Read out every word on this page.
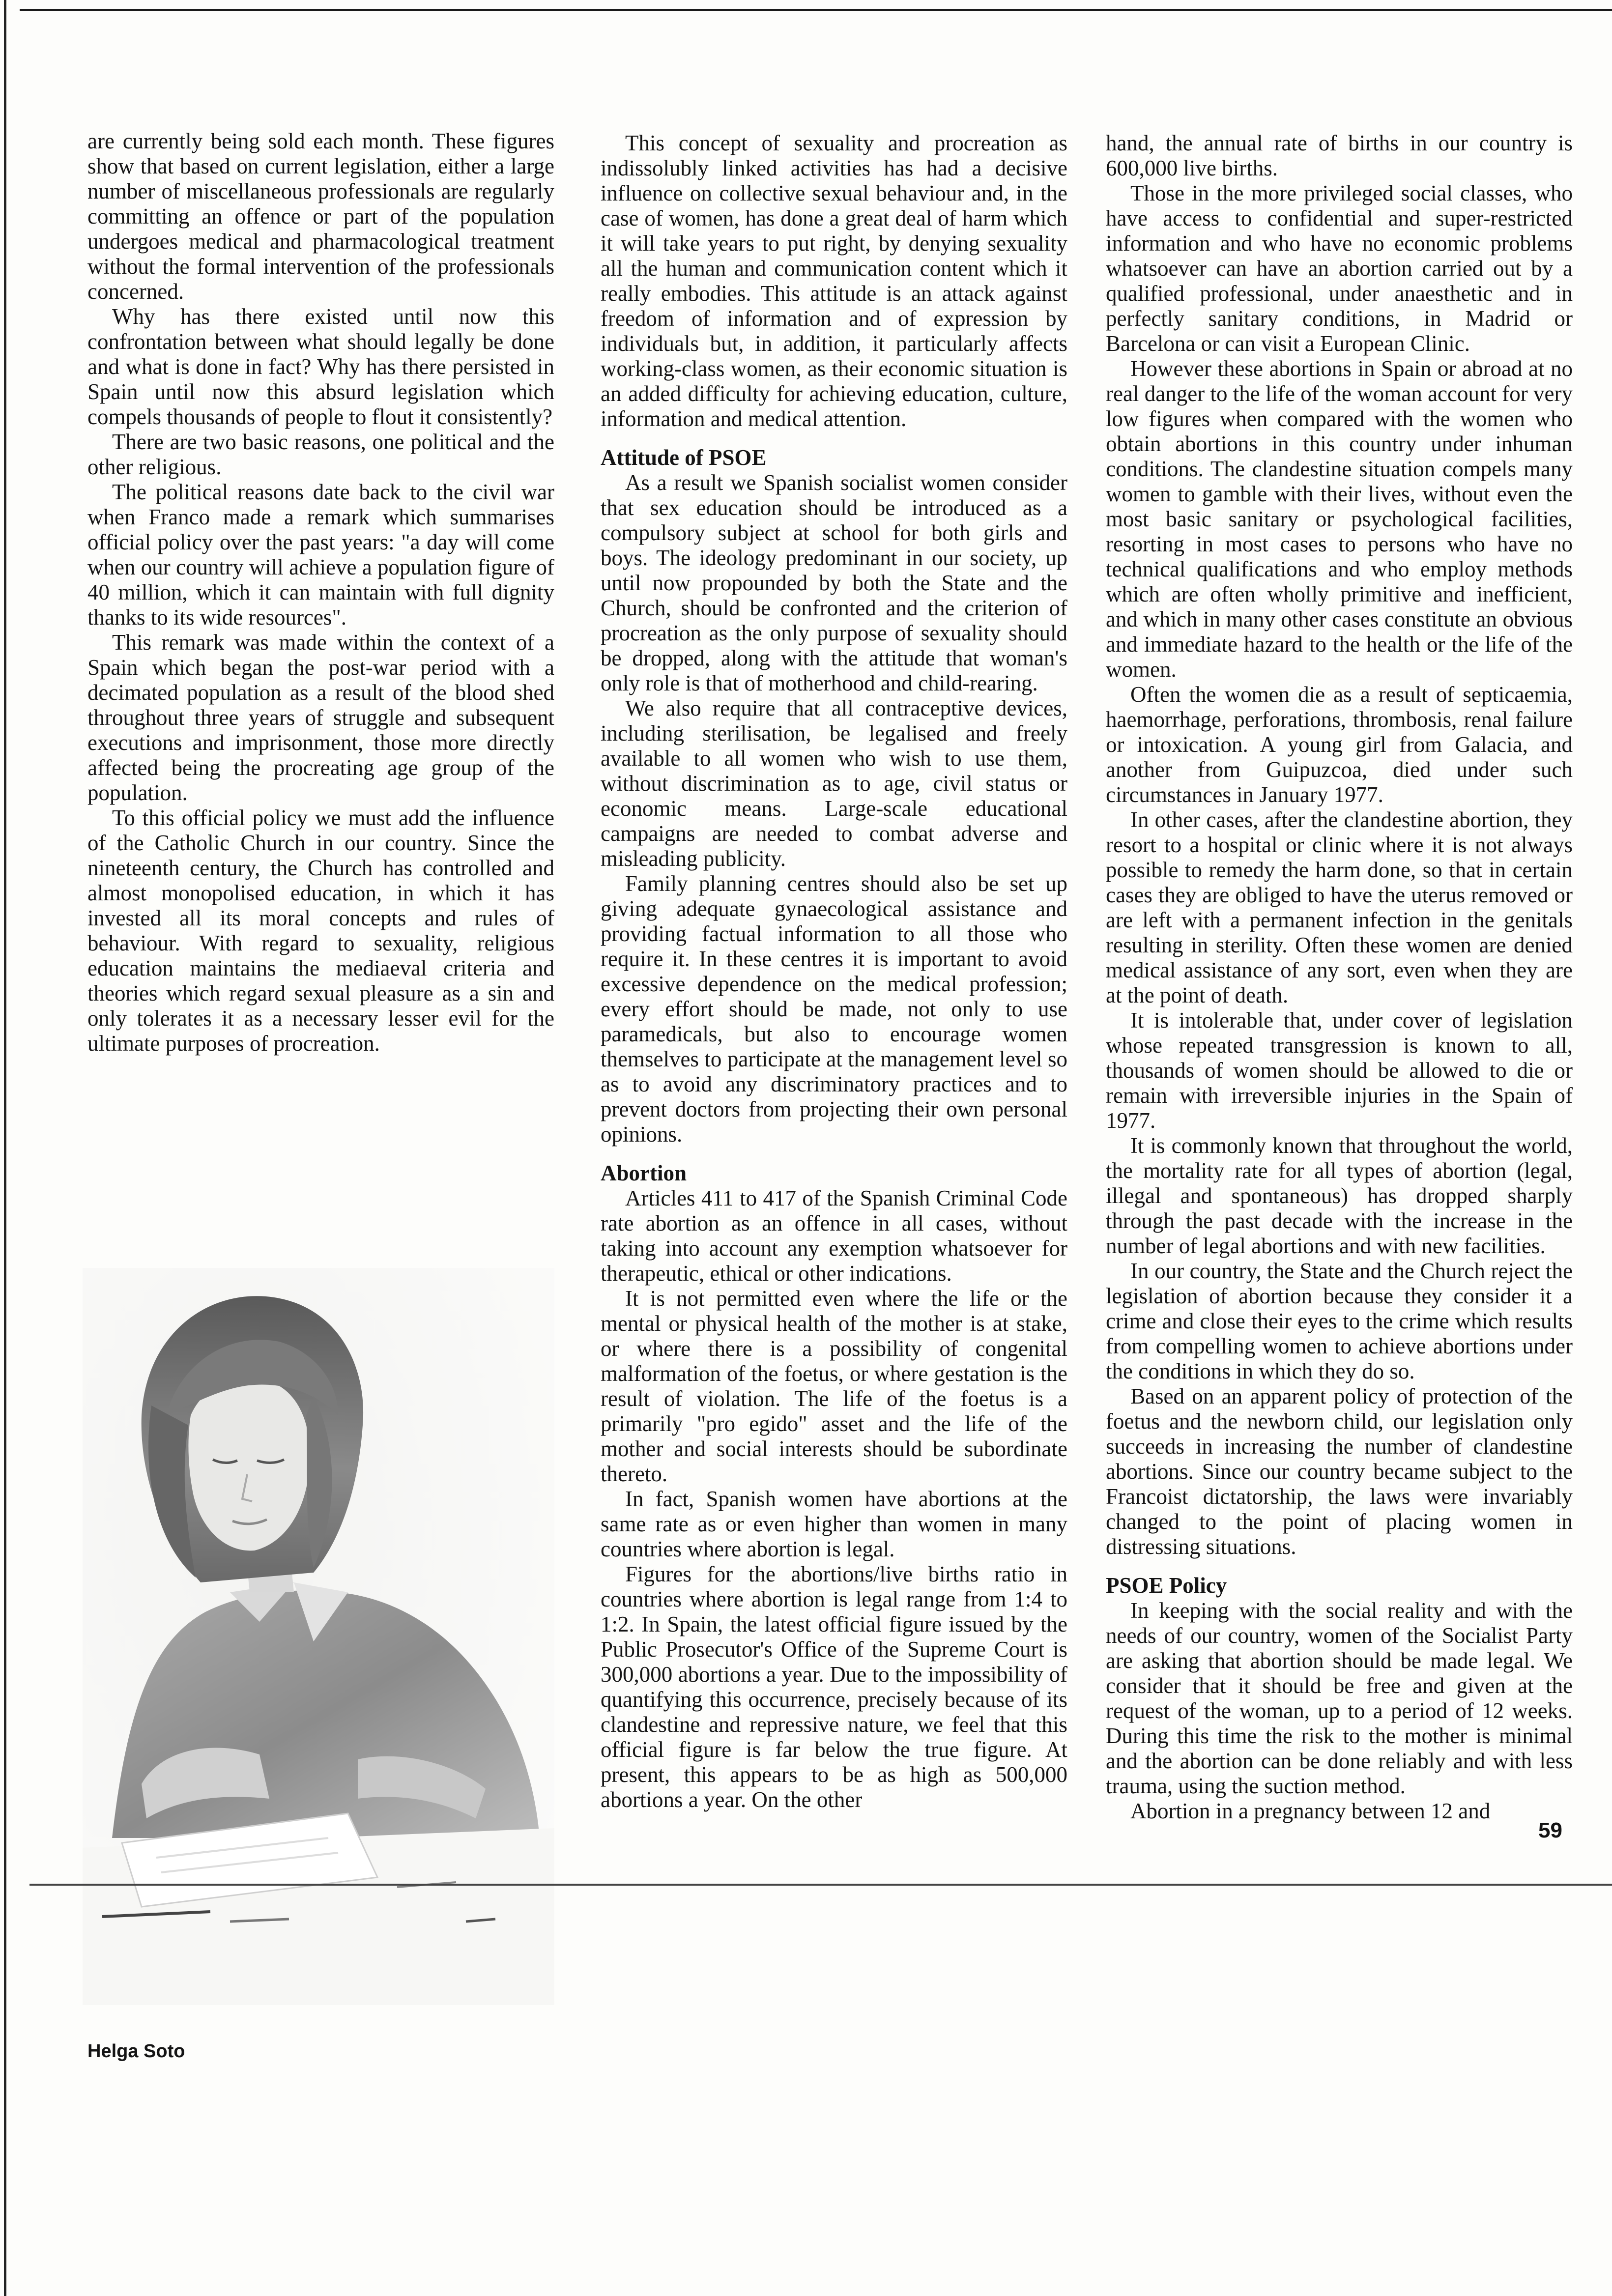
are currently being sold each month. These figures show that based on current legislation, either a large number of miscellaneous professionals are regularly committing an offence or part of the population undergoes medical and pharmacological treatment without the formal intervention of the professionals concerned.

Why has there existed until now this confrontation between what should legally be done and what is done in fact? Why has there persisted in Spain until now this absurd legislation which compels thousands of people to flout it consistently?

There are two basic reasons, one political and the other religious.

The political reasons date back to the civil war when Franco made a remark which summarises official policy over the past years: "a day will come when our country will achieve a population figure of 40 million, which it can maintain with full dignity thanks to its wide resources".

This remark was made within the context of a Spain which began the post-war period with a decimated population as a result of the blood shed throughout three years of struggle and subsequent executions and imprisonment, those more directly affected being the procreating age group of the population.

To this official policy we must add the influence of the Catholic Church in our country. Since the nineteenth century, the Church has controlled and almost monopolised education, in which it has invested all its moral concepts and rules of behaviour. With regard to sexuality, religious education maintains the mediaeval criteria and theories which regard sexual pleasure as a sin and only tolerates it as a necessary lesser evil for the ultimate purposes of procreation.

This concept of sexuality and procreation as indissolubly linked activities has had a decisive influence on collective sexual behaviour and, in the case of women, has done a great deal of harm which it will take years to put right, by denying sexuality all the human and communication content which it really embodies. This attitude is an attack against freedom of information and of expression by individuals but, in addition, it particularly affects working-class women, as their economic situation is an added difficulty for achieving education, culture, information and medical attention.

Attitude of PSOE

As a result we Spanish socialist women consider that sex education should be introduced as a compulsory subject at school for both girls and boys. The ideology predominant in our society, up until now propounded by both the State and the Church, should be confronted and the criterion of procreation as the only purpose of sexuality should be dropped, along with the attitude that woman's only role is that of motherhood and child-rearing.

We also require that all contraceptive devices, including sterilisation, be legalised and freely available to all women who wish to use them, without discrimination as to age, civil status or economic means. Large-scale educational campaigns are needed to combat adverse and misleading publicity.

Family planning centres should also be set up giving adequate gynaecological assistance and providing factual information to all those who require it. In these centres it is important to avoid excessive dependence on the medical profession; every effort should be made, not only to use paramedicals, but also to encourage women themselves to participate at the management level so as to avoid any discriminatory practices and to prevent doctors from projecting their own personal opinions.

Abortion

Articles 411 to 417 of the Spanish Criminal Code rate abortion as an offence in all cases, without taking into account any exemption whatsoever for therapeutic, ethical or other indications.

It is not permitted even where the life or the mental or physical health of the mother is at stake, or where there is a possibility of congenital malformation of the foetus, or where gestation is the result of violation. The life of the foetus is a primarily "pro egido" asset and the life of the mother and social interests should be subordinate thereto.

In fact, Spanish women have abortions at the same rate as or even higher than women in many countries where abortion is legal.

Figures for the abortions/live births ratio in countries where abortion is legal range from 1:4 to 1:2. In Spain, the latest official figure issued by the Public Prosecutor's Office of the Supreme Court is 300,000 abortions a year. Due to the impossibility of quantifying this occurrence, precisely because of its clandestine and repressive nature, we feel that this official figure is far below the true figure. At present, this appears to be as high as 500,000 abortions a year. On the other

hand, the annual rate of births in our country is 600,000 live births.

Those in the more privileged social classes, who have access to confidential and super-restricted information and who have no economic problems whatsoever can have an abortion carried out by a qualified professional, under anaesthetic and in perfectly sanitary conditions, in Madrid or Barcelona or can visit a European Clinic.

However these abortions in Spain or abroad at no real danger to the life of the woman account for very low figures when compared with the women who obtain abortions in this country under inhuman conditions. The clandestine situation compels many women to gamble with their lives, without even the most basic sanitary or psychological facilities, resorting in most cases to persons who have no technical qualifications and who employ methods which are often wholly primitive and inefficient, and which in many other cases constitute an obvious and immediate hazard to the health or the life of the women.

Often the women die as a result of septicaemia, haemorrhage, perforations, thrombosis, renal failure or intoxication. A young girl from Galacia, and another from Guipuzcoa, died under such circumstances in January 1977.

In other cases, after the clandestine abortion, they resort to a hospital or clinic where it is not always possible to remedy the harm done, so that in certain cases they are obliged to have the uterus removed or are left with a permanent infection in the genitals resulting in sterility. Often these women are denied medical assistance of any sort, even when they are at the point of death.

It is intolerable that, under cover of legislation whose repeated transgression is known to all, thousands of women should be allowed to die or remain with irreversible injuries in the Spain of 1977.

It is commonly known that throughout the world, the mortality rate for all types of abortion (legal, illegal and spontaneous) has dropped sharply through the past decade with the increase in the number of legal abortions and with new facilities.

In our country, the State and the Church reject the legislation of abortion because they consider it a crime and close their eyes to the crime which results from compelling women to achieve abortions under the conditions in which they do so.

Based on an apparent policy of protection of the foetus and the newborn child, our legislation only succeeds in increasing the number of clandestine abortions. Since our country became subject to the Francoist dictatorship, the laws were invariably changed to the point of placing women in distressing situations.

PSOE Policy

In keeping with the social reality and with the needs of our country, women of the Socialist Party are asking that abortion should be made legal. We consider that it should be free and given at the request of the woman, up to a period of 12 weeks. During this time the risk to the mother is minimal and the abortion can be done reliably and with less trauma, using the suction method.

Abortion in a pregnancy between 12 and

Helga Soto
59
